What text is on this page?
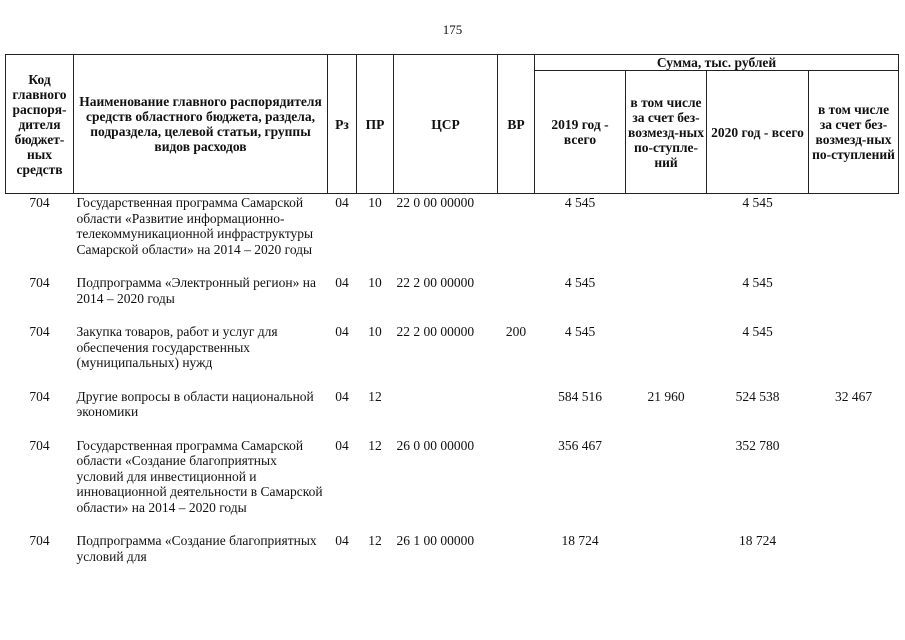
175
Код главного распоря-дителя бюджет-ных средств	Наименование главного распорядителя средств областного бюджета, раздела, подраздела, целевой статьи, группы видов расходов	Рз	ПР	ЦСР	ВР	Сумма, тыс. рублей			
						2019 год - всего	в том числе за счет без-возмезд-ных по-ступле-ний	2020 год - всего	в том числе за счет без-возмезд-ных по-ступлений
704	Государственная программа Самарской области «Развитие информационно-телекоммуникационной инфраструктуры Самарской области» на 2014 – 2020 годы	04	10	22 0 00 00000		4 545		4 545	

704	Подпрограмма «Электронный регион» на 2014 – 2020 годы	04	10	22 2 00 00000		4 545		4 545	

704	Закупка товаров, работ и услуг для обеспечения государственных (муниципальных) нужд	04	10	22 2 00 00000	200	4 545		4 545	

704	Другие вопросы в области национальной экономики	04	12			584 516	21 960	524 538	32 467

704	Государственная программа Самарской области «Создание благоприятных условий для инвестиционной и инновационной деятельности в Самарской области» на 2014 – 2020 годы	04	12	26 0 00 00000		356 467		352 780	

704	Подпрограмма «Создание благоприятных условий для	04	12	26 1 00 00000		18 724		18 724	
